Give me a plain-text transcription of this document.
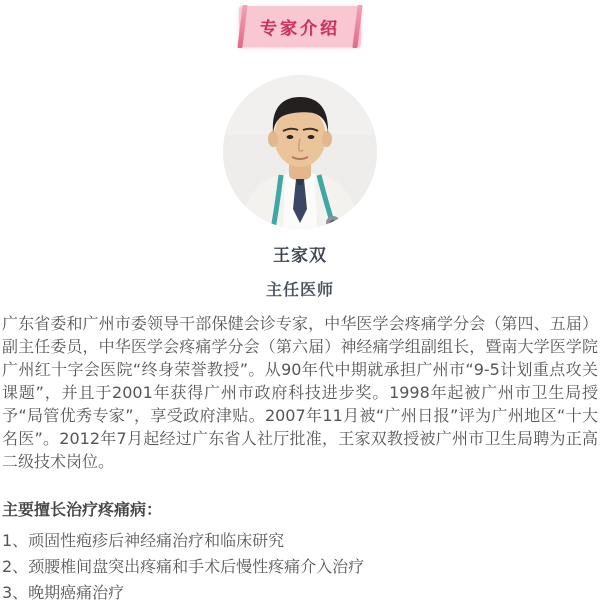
专家介绍
王家双
主任医师

广东省委和广州市委领导干部保健会诊专家，中华医学会疼痛学分会（第四、五届）副主任委员，中华医学会疼痛学分会（第六届）神经痛学组副组长，暨南大学医学院广州红十字会医院“终身荣誉教授”。从90年代中期就承担广州市“9-5计划重点攻关课题”，并且于2001年获得广州市政府科技进步奖。1998年起被广州市卫生局授予“局管优秀专家”，享受政府津贴。2007年11月被“广州日报”评为广州地区“十大名医”。2012年7月起经过广东省人社厅批准，王家双教授被广州市卫生局聘为正高二级技术岗位。

主要擅长治疗疼痛病：
1、顽固性疱疹后神经痛治疗和临床研究
2、颈腰椎间盘突出疼痛和手术后慢性疼痛介入治疗
3、晚期癌痛治疗
